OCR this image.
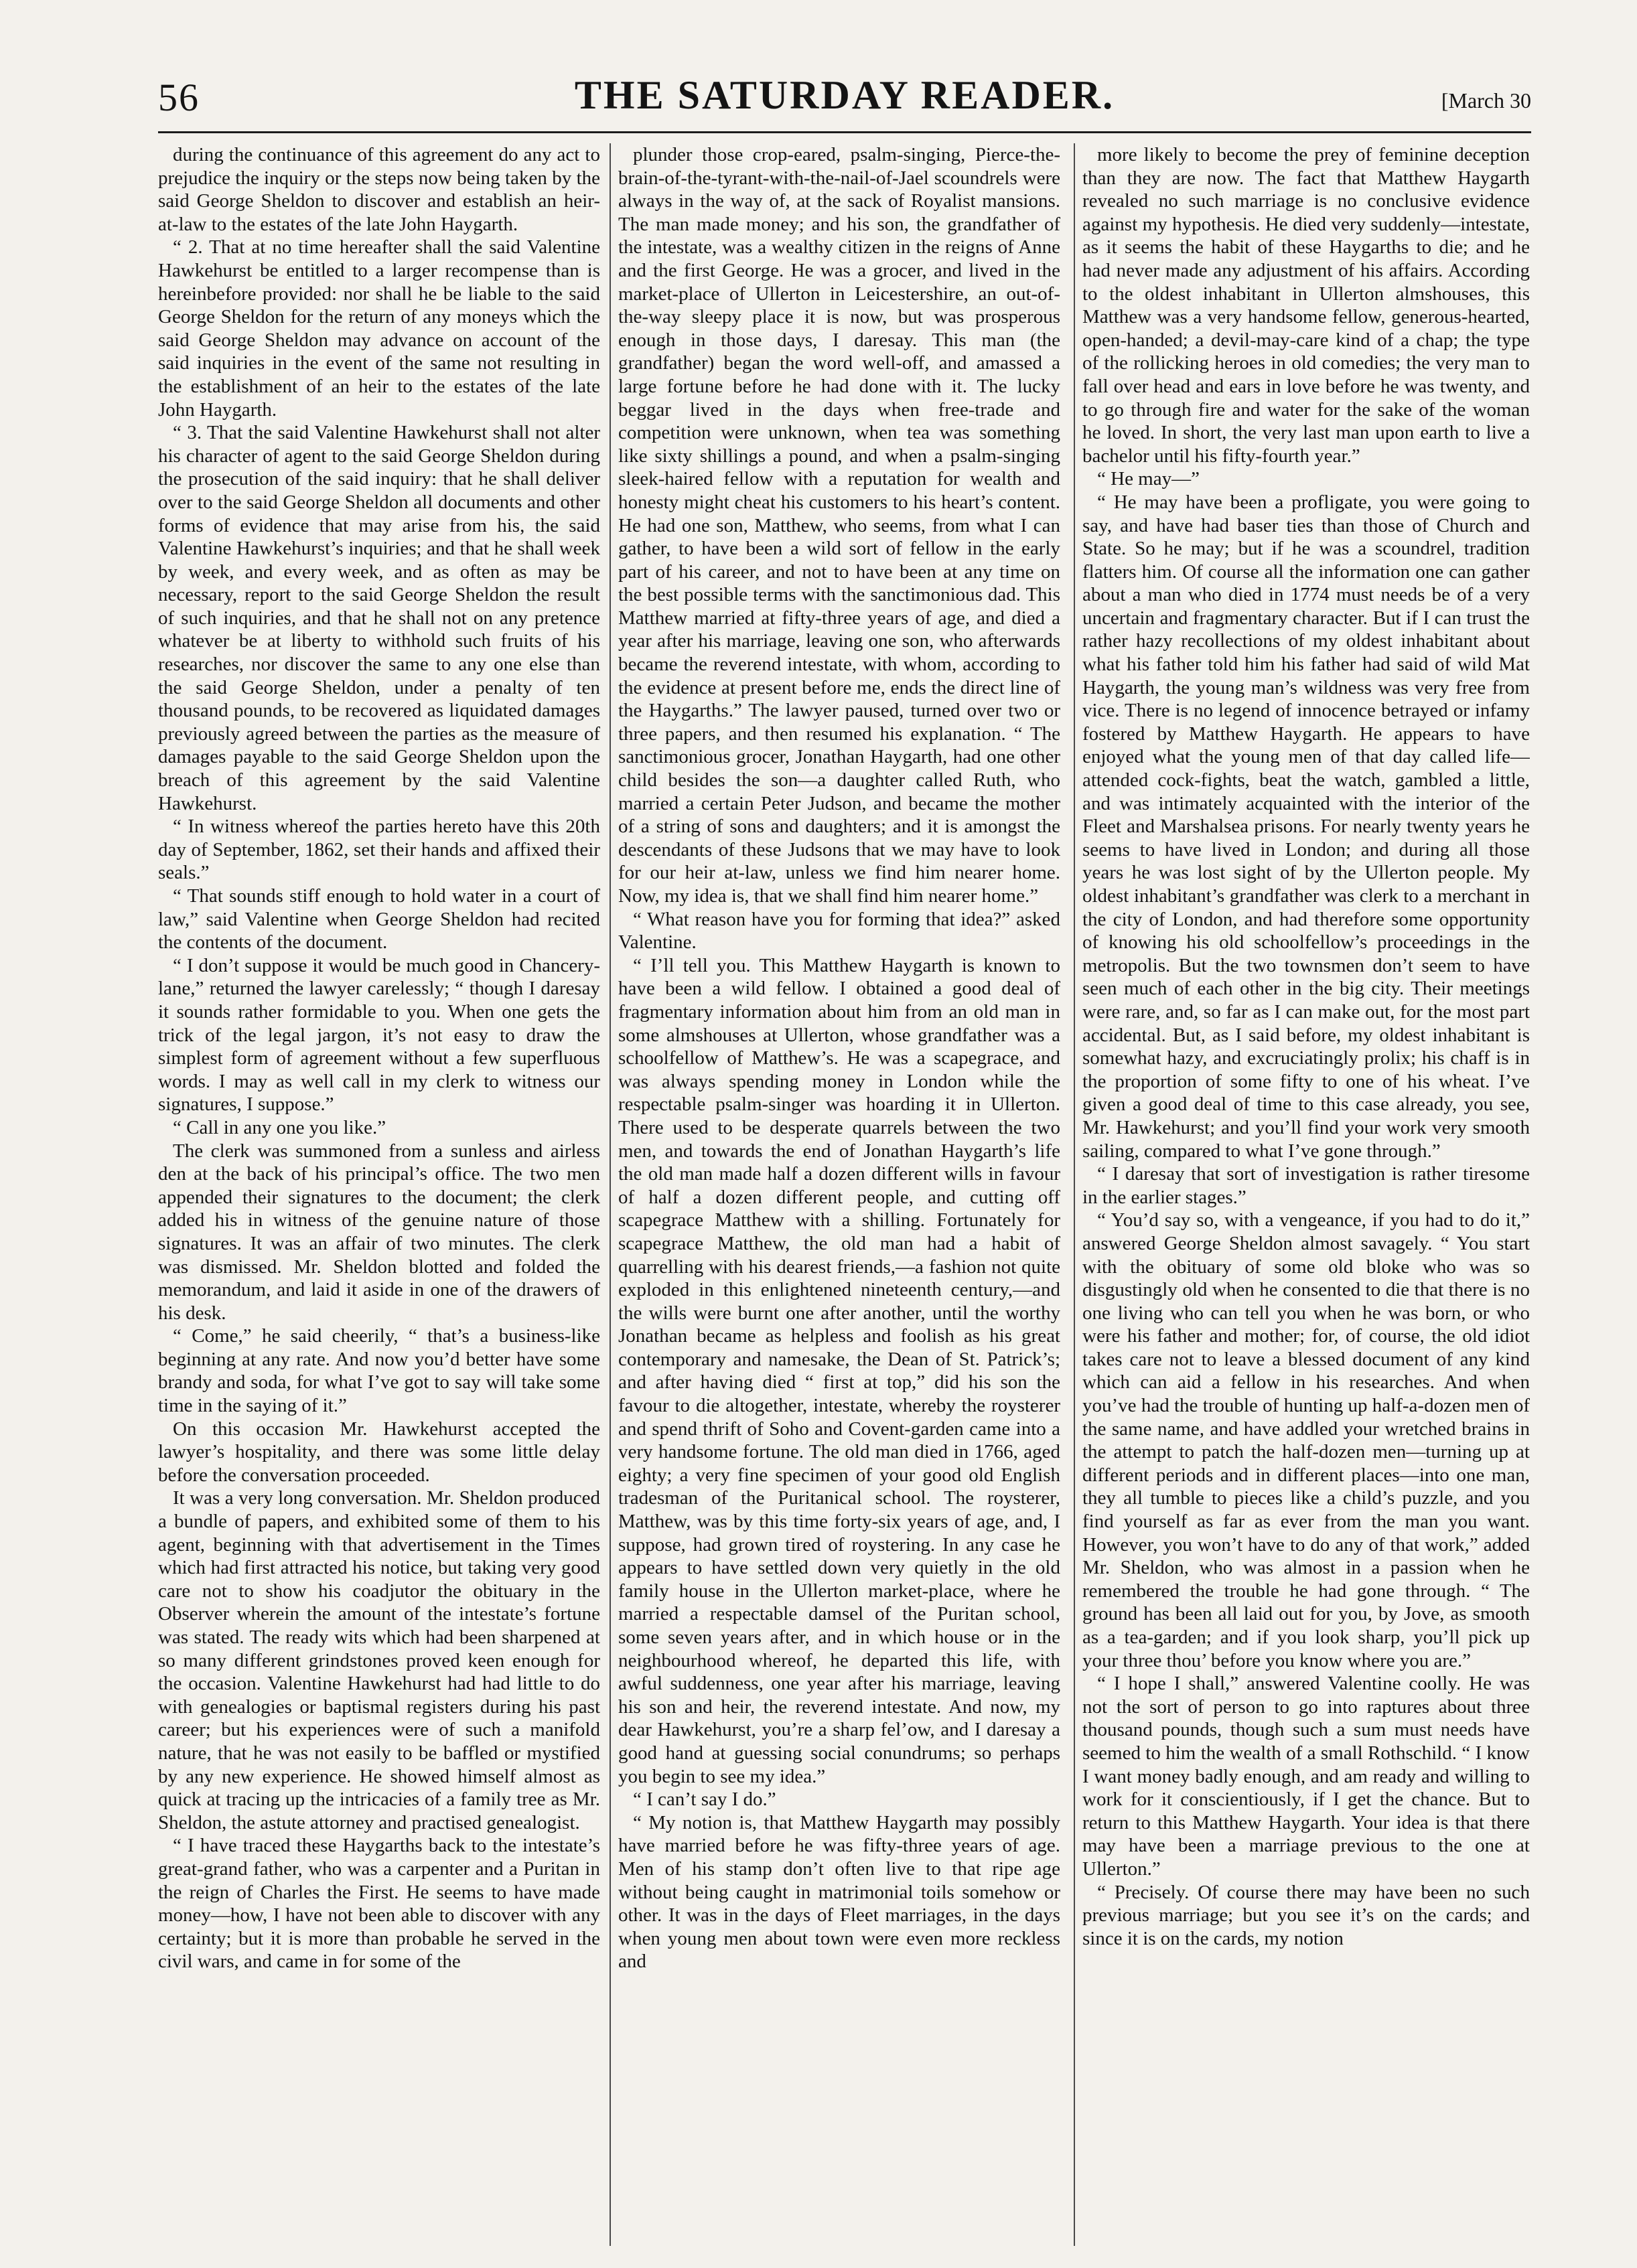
56	THE SATURDAY READER.	[March 30

during the continuance of this agreement do any act to prejudice the inquiry or the steps now being taken by the said George Sheldon to discover and establish an heir-at-law to the estates of the late John Haygarth.

“ 2. That at no time hereafter shall the said Valentine Hawkehurst be entitled to a larger recompense than is hereinbefore provided: nor shall he be liable to the said George Sheldon for the return of any moneys which the said George Sheldon may advance on account of the said inquiries in the event of the same not resulting in the establishment of an heir to the estates of the late John Haygarth.

“ 3. That the said Valentine Hawkehurst shall not alter his character of agent to the said George Sheldon during the prosecution of the said inquiry: that he shall deliver over to the said George Sheldon all documents and other forms of evidence that may arise from his, the said Valentine Hawkehurst’s inquiries; and that he shall week by week, and every week, and as often as may be necessary, report to the said George Sheldon the result of such inquiries, and that he shall not on any pretence whatever be at liberty to withhold such fruits of his researches, nor discover the same to any one else than the said George Sheldon, under a penalty of ten thousand pounds, to be recovered as liquidated damages previously agreed between the parties as the measure of damages payable to the said George Sheldon upon the breach of this agreement by the said Valentine Hawkehurst.

“ In witness whereof the parties hereto have this 20th day of September, 1862, set their hands and affixed their seals.”

“ That sounds stiff enough to hold water in a court of law,” said Valentine when George Sheldon had recited the contents of the document.

“ I don’t suppose it would be much good in Chancery-lane,” returned the lawyer carelessly; “ though I daresay it sounds rather formidable to you. When one gets the trick of the legal jargon, it’s not easy to draw the simplest form of agreement without a few superfluous words. I may as well call in my clerk to witness our signatures, I suppose.”

“ Call in any one you like.”

The clerk was summoned from a sunless and airless den at the back of his principal’s office. The two men appended their signatures to the document; the clerk added his in witness of the genuine nature of those signatures. It was an affair of two minutes. The clerk was dismissed. Mr. Sheldon blotted and folded the memorandum, and laid it aside in one of the drawers of his desk.

“ Come,” he said cheerily, “ that’s a business-like beginning at any rate. And now you’d better have some brandy and soda, for what I’ve got to say will take some time in the saying of it.”

On this occasion Mr. Hawkehurst accepted the lawyer’s hospitality, and there was some little delay before the conversation proceeded.

It was a very long conversation. Mr. Sheldon produced a bundle of papers, and exhibited some of them to his agent, beginning with that advertisement in the Times which had first attracted his notice, but taking very good care not to show his coadjutor the obituary in the Observer wherein the amount of the intestate’s fortune was stated. The ready wits which had been sharpened at so many different grindstones proved keen enough for the occasion. Valentine Hawkehurst had had little to do with genealogies or baptismal registers during his past career; but his experiences were of such a manifold nature, that he was not easily to be baffled or mystified by any new experience. He showed himself almost as quick at tracing up the intricacies of a family tree as Mr. Sheldon, the astute attorney and practised genealogist.

“ I have traced these Haygarths back to the intestate’s great-grand father, who was a carpenter and a Puritan in the reign of Charles the First. He seems to have made money—how, I have not been able to discover with any certainty; but it is more than probable he served in the civil wars, and came in for some of the

plunder those crop-eared, psalm-singing, Pierce-the-brain-of-the-tyrant-with-the-nail-of-Jael scoundrels were always in the way of, at the sack of Royalist mansions. The man made money; and his son, the grandfather of the intestate, was a wealthy citizen in the reigns of Anne and the first George. He was a grocer, and lived in the market-place of Ullerton in Leicestershire, an out-of-the-way sleepy place it is now, but was prosperous enough in those days, I daresay. This man (the grandfather) began the word well-off, and amassed a large fortune before he had done with it. The lucky beggar lived in the days when free-trade and competition were unknown, when tea was something like sixty shillings a pound, and when a psalm-singing sleek-haired fellow with a reputation for wealth and honesty might cheat his customers to his heart’s content. He had one son, Matthew, who seems, from what I can gather, to have been a wild sort of fellow in the early part of his career, and not to have been at any time on the best possible terms with the sanctimonious dad. This Matthew married at fifty-three years of age, and died a year after his marriage, leaving one son, who afterwards became the reverend intestate, with whom, according to the evidence at present before me, ends the direct line of the Haygarths.” The lawyer paused, turned over two or three papers, and then resumed his explanation. “ The sanctimonious grocer, Jonathan Haygarth, had one other child besides the son—a daughter called Ruth, who married a certain Peter Judson, and became the mother of a string of sons and daughters; and it is amongst the descendants of these Judsons that we may have to look for our heir at-law, unless we find him nearer home. Now, my idea is, that we shall find him nearer home.”

“ What reason have you for forming that idea?” asked Valentine.

“ I’ll tell you. This Matthew Haygarth is known to have been a wild fellow. I obtained a good deal of fragmentary information about him from an old man in some almshouses at Ullerton, whose grandfather was a schoolfellow of Matthew’s. He was a scapegrace, and was always spending money in London while the respectable psalm-singer was hoarding it in Ullerton. There used to be desperate quarrels between the two men, and towards the end of Jonathan Haygarth’s life the old man made half a dozen different wills in favour of half a dozen different people, and cutting off scapegrace Matthew with a shilling. Fortunately for scapegrace Matthew, the old man had a habit of quarrelling with his dearest friends,—a fashion not quite exploded in this enlightened nineteenth century,—and the wills were burnt one after another, until the worthy Jonathan became as helpless and foolish as his great contemporary and namesake, the Dean of St. Patrick’s; and after having died “ first at top,” did his son the favour to die altogether, intestate, whereby the roysterer and spend thrift of Soho and Covent-garden came into a very handsome fortune. The old man died in 1766, aged eighty; a very fine specimen of your good old English tradesman of the Puritanical school. The roysterer, Matthew, was by this time forty-six years of age, and, I suppose, had grown tired of roystering. In any case he appears to have settled down very quietly in the old family house in the Ullerton market-place, where he married a respectable damsel of the Puritan school, some seven years after, and in which house or in the neighbourhood whereof, he departed this life, with awful suddenness, one year after his marriage, leaving his son and heir, the reverend intestate. And now, my dear Hawkehurst, you’re a sharp fel’ow, and I daresay a good hand at guessing social conundrums; so perhaps you begin to see my idea.”

“ I can’t say I do.”

“ My notion is, that Matthew Haygarth may possibly have married before he was fifty-three years of age. Men of his stamp don’t often live to that ripe age without being caught in matrimonial toils somehow or other. It was in the days of Fleet marriages, in the days when young men about town were even more reckless and

more likely to become the prey of feminine deception than they are now. The fact that Matthew Haygarth revealed no such marriage is no conclusive evidence against my hypothesis. He died very suddenly—intestate, as it seems the habit of these Haygarths to die; and he had never made any adjustment of his affairs. According to the oldest inhabitant in Ullerton almshouses, this Matthew was a very handsome fellow, generous-hearted, open-handed; a devil-may-care kind of a chap; the type of the rollicking heroes in old comedies; the very man to fall over head and ears in love before he was twenty, and to go through fire and water for the sake of the woman he loved. In short, the very last man upon earth to live a bachelor until his fifty-fourth year.”

“ He may—”

“ He may have been a profligate, you were going to say, and have had baser ties than those of Church and State. So he may; but if he was a scoundrel, tradition flatters him. Of course all the information one can gather about a man who died in 1774 must needs be of a very uncertain and fragmentary character. But if I can trust the rather hazy recollections of my oldest inhabitant about what his father told him his father had said of wild Mat Haygarth, the young man’s wildness was very free from vice. There is no legend of innocence betrayed or infamy fostered by Matthew Haygarth. He appears to have enjoyed what the young men of that day called life—attended cock-fights, beat the watch, gambled a little, and was intimately acquainted with the interior of the Fleet and Marshalsea prisons. For nearly twenty years he seems to have lived in London; and during all those years he was lost sight of by the Ullerton people. My oldest inhabitant’s grandfather was clerk to a merchant in the city of London, and had therefore some opportunity of knowing his old schoolfellow’s proceedings in the metropolis. But the two townsmen don’t seem to have seen much of each other in the big city. Their meetings were rare, and, so far as I can make out, for the most part accidental. But, as I said before, my oldest inhabitant is somewhat hazy, and excruciatingly prolix; his chaff is in the proportion of some fifty to one of his wheat. I’ve given a good deal of time to this case already, you see, Mr. Hawkehurst; and you’ll find your work very smooth sailing, compared to what I’ve gone through.”

“ I daresay that sort of investigation is rather tiresome in the earlier stages.”

“ You’d say so, with a vengeance, if you had to do it,” answered George Sheldon almost savagely. “ You start with the obituary of some old bloke who was so disgustingly old when he consented to die that there is no one living who can tell you when he was born, or who were his father and mother; for, of course, the old idiot takes care not to leave a blessed document of any kind which can aid a fellow in his researches. And when you’ve had the trouble of hunting up half-a-dozen men of the same name, and have addled your wretched brains in the attempt to patch the half-dozen men—turning up at different periods and in different places—into one man, they all tumble to pieces like a child’s puzzle, and you find yourself as far as ever from the man you want. However, you won’t have to do any of that work,” added Mr. Sheldon, who was almost in a passion when he remembered the trouble he had gone through. “ The ground has been all laid out for you, by Jove, as smooth as a tea-garden; and if you look sharp, you’ll pick up your three thou’ before you know where you are.”

“ I hope I shall,” answered Valentine coolly. He was not the sort of person to go into raptures about three thousand pounds, though such a sum must needs have seemed to him the wealth of a small Rothschild. “ I know I want money badly enough, and am ready and willing to work for it conscientiously, if I get the chance. But to return to this Matthew Haygarth. Your idea is that there may have been a marriage previous to the one at Ullerton.”

“ Precisely. Of course there may have been no such previous marriage; but you see it’s on the cards; and since it is on the cards, my notion
